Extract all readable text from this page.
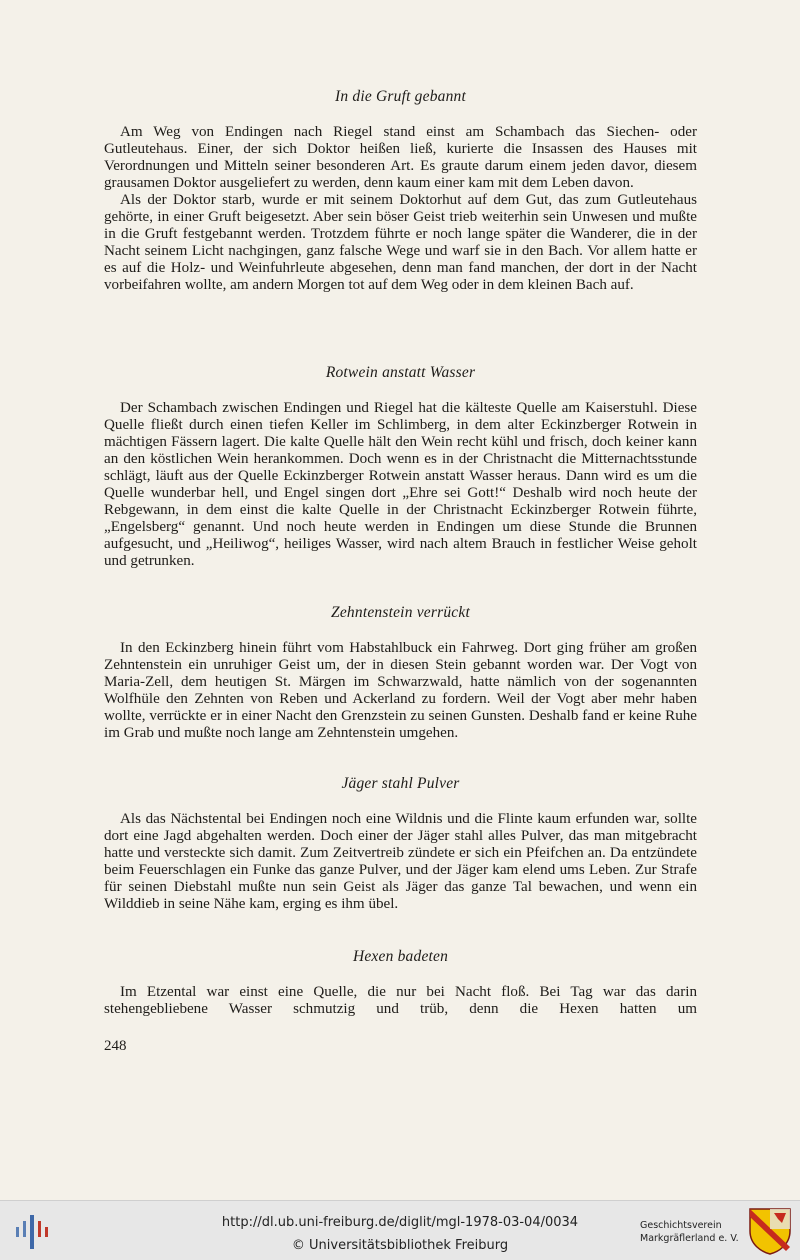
In die Gruft gebannt

Am Weg von Endingen nach Riegel stand einst am Schambach das Siechen- oder Gutleutehaus. Einer, der sich Doktor heißen ließ, kurierte die Insassen des Hauses mit Verordnungen und Mitteln seiner besonderen Art. Es graute darum einem jeden davor, diesem grausamen Doktor ausgeliefert zu werden, denn kaum einer kam mit dem Leben davon.

Als der Doktor starb, wurde er mit seinem Doktorhut auf dem Gut, das zum Gutleutehaus gehörte, in einer Gruft beigesetzt. Aber sein böser Geist trieb weiterhin sein Unwesen und mußte in die Gruft festgebannt werden. Trotzdem führte er noch lange später die Wanderer, die in der Nacht seinem Licht nachgingen, ganz falsche Wege und warf sie in den Bach. Vor allem hatte er es auf die Holz- und Weinfuhrleute abgesehen, denn man fand manchen, der dort in der Nacht vorbeifahren wollte, am andern Morgen tot auf dem Weg oder in dem kleinen Bach auf.

Rotwein anstatt Wasser

Der Schambach zwischen Endingen und Riegel hat die kälteste Quelle am Kaiserstuhl. Diese Quelle fließt durch einen tiefen Keller im Schlimberg, in dem alter Eckinzberger Rotwein in mächtigen Fässern lagert. Die kalte Quelle hält den Wein recht kühl und frisch, doch keiner kann an den köstlichen Wein herankommen. Doch wenn es in der Christnacht die Mitternachtsstunde schlägt, läuft aus der Quelle Eckinzberger Rotwein anstatt Wasser heraus. Dann wird es um die Quelle wunderbar hell, und Engel singen dort „Ehre sei Gott!“ Deshalb wird noch heute der Rebgewann, in dem einst die kalte Quelle in der Christnacht Eckinzberger Rotwein führte, „Engelsberg“ genannt. Und noch heute werden in Endingen um diese Stunde die Brunnen aufgesucht, und „Heiliwog“, heiliges Wasser, wird nach altem Brauch in festlicher Weise geholt und getrunken.

Zehntenstein verrückt

In den Eckinzberg hinein führt vom Habstahlbuck ein Fahrweg. Dort ging früher am großen Zehntenstein ein unruhiger Geist um, der in diesen Stein gebannt worden war. Der Vogt von Maria-Zell, dem heutigen St. Märgen im Schwarzwald, hatte nämlich von der sogenannten Wolfhüle den Zehnten von Reben und Ackerland zu fordern. Weil der Vogt aber mehr haben wollte, verrückte er in einer Nacht den Grenzstein zu seinen Gunsten. Deshalb fand er keine Ruhe im Grab und mußte noch lange am Zehntenstein umgehen.

Jäger stahl Pulver

Als das Nächstental bei Endingen noch eine Wildnis und die Flinte kaum erfunden war, sollte dort eine Jagd abgehalten werden. Doch einer der Jäger stahl alles Pulver, das man mitgebracht hatte und versteckte sich damit. Zum Zeitvertreib zündete er sich ein Pfeifchen an. Da entzündete beim Feuerschlagen ein Funke das ganze Pulver, und der Jäger kam elend ums Leben. Zur Strafe für seinen Diebstahl mußte nun sein Geist als Jäger das ganze Tal bewachen, und wenn ein Wilddieb in seine Nähe kam, erging es ihm übel.

Hexen badeten

Im Etzental war einst eine Quelle, die nur bei Nacht floß. Bei Tag war das darin stehengebliebene Wasser schmutzig und trüb, denn die Hexen hatten um

248
http://dl.ub.uni-freiburg.de/diglit/mgl-1978-03-04/0034
© Universitätsbibliothek Freiburg
Geschichtsverein
Markgräflerland e. V.
